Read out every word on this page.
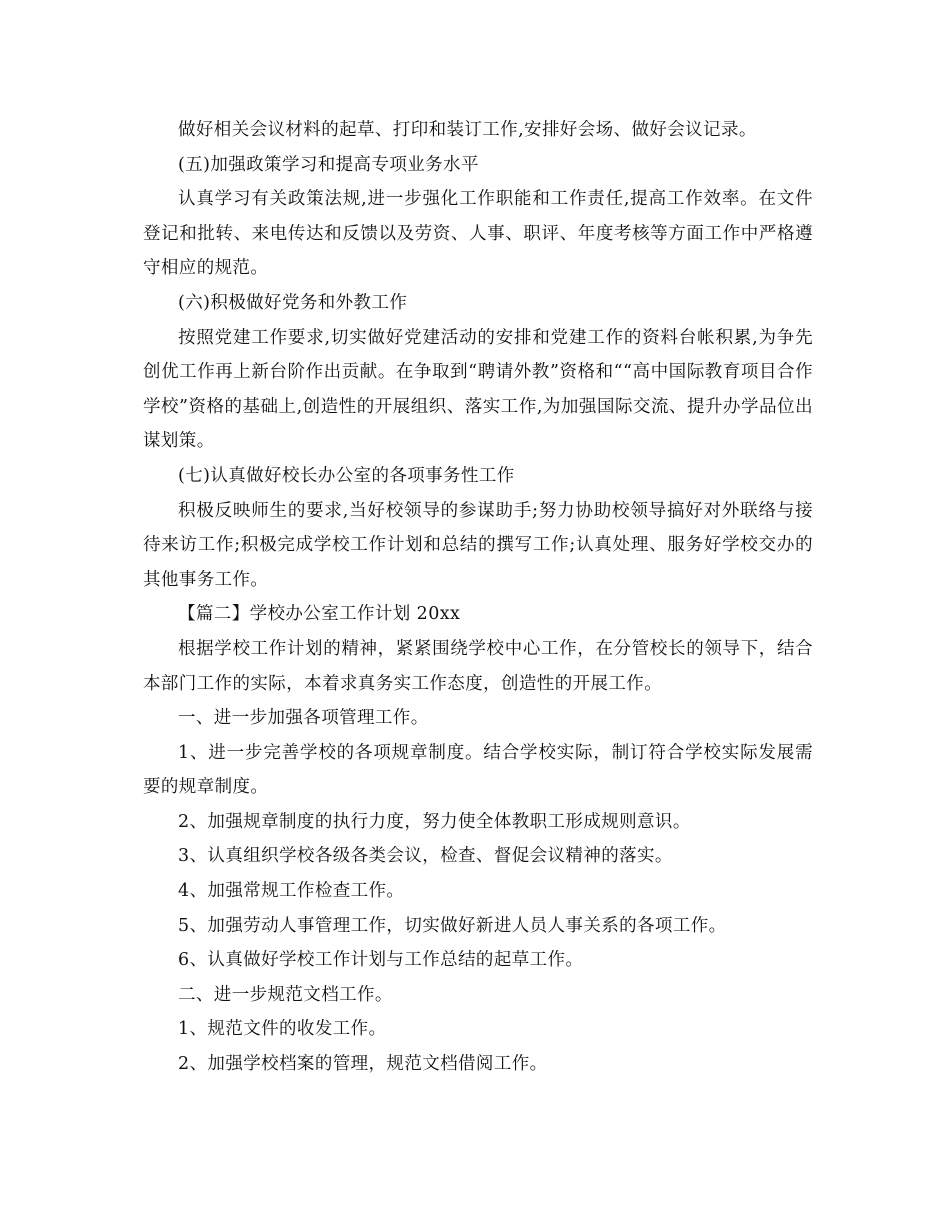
做好相关会议材料的起草、打印和装订工作,安排好会场、做好会议记录。

(五)加强政策学习和提高专项业务水平

认真学习有关政策法规,进一步强化工作职能和工作责任,提高工作效率。在文件登记和批转、来电传达和反馈以及劳资、人事、职评、年度考核等方面工作中严格遵守相应的规范。

(六)积极做好党务和外教工作

按照党建工作要求,切实做好党建活动的安排和党建工作的资料台帐积累,为争先创优工作再上新台阶作出贡献。在争取到“聘请外教”资格和““高中国际教育项目合作学校”资格的基础上,创造性的开展组织、落实工作,为加强国际交流、提升办学品位出谋划策。

(七)认真做好校长办公室的各项事务性工作

积极反映师生的要求,当好校领导的参谋助手;努力协助校领导搞好对外联络与接待来访工作;积极完成学校工作计划和总结的撰写工作;认真处理、服务好学校交办的其他事务工作。

【篇二】学校办公室工作计划 20xx

根据学校工作计划的精神，紧紧围绕学校中心工作，在分管校长的领导下，结合本部门工作的实际，本着求真务实工作态度，创造性的开展工作。

一、进一步加强各项管理工作。

1、进一步完善学校的各项规章制度。结合学校实际，制订符合学校实际发展需要的规章制度。

2、加强规章制度的执行力度，努力使全体教职工形成规则意识。

3、认真组织学校各级各类会议，检查、督促会议精神的落实。

4、加强常规工作检查工作。

5、加强劳动人事管理工作，切实做好新进人员人事关系的各项工作。

6、认真做好学校工作计划与工作总结的起草工作。

二、进一步规范文档工作。

1、规范文件的收发工作。

2、加强学校档案的管理，规范文档借阅工作。
